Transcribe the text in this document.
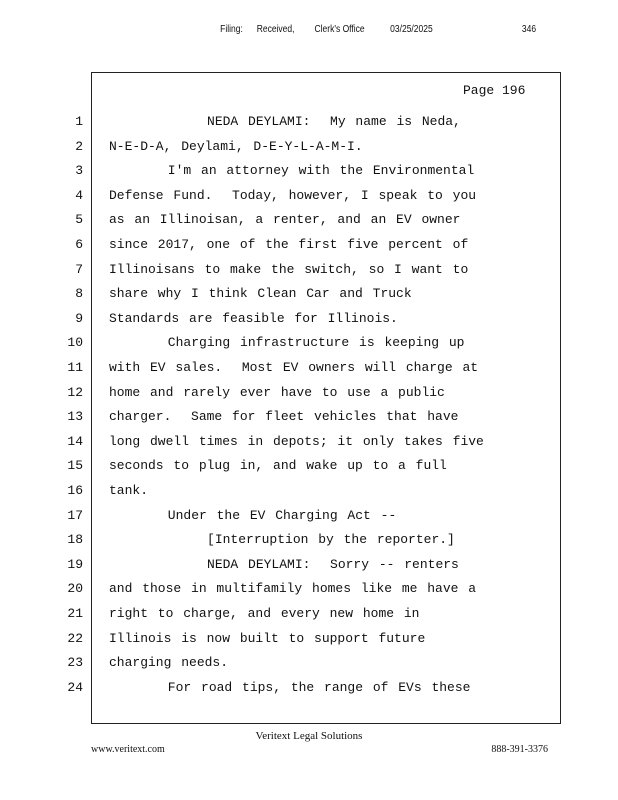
Filing: Received, Clerk's Office	03/25/2025	346
Page 196
1 NEDA DEYLAMI:  My name is Neda,
2 N-E-D-A, Deylami, D-E-Y-L-A-M-I.
3 I'm an attorney with the Environmental
4 Defense Fund.  Today, however, I speak to you
5 as an Illinoisan, a renter, and an EV owner
6 since 2017, one of the first five percent of
7 Illinoisans to make the switch, so I want to
8 share why I think Clean Car and Truck
9 Standards are feasible for Illinois.
10 Charging infrastructure is keeping up
11 with EV sales.  Most EV owners will charge at
12 home and rarely ever have to use a public
13 charger.  Same for fleet vehicles that have
14 long dwell times in depots; it only takes five
15 seconds to plug in, and wake up to a full
16 tank.
17 Under the EV Charging Act --
18 [Interruption by the reporter.]
19 NEDA DEYLAMI:  Sorry -- renters
20 and those in multifamily homes like me have a
21 right to charge, and every new home in
22 Illinois is now built to support future
23 charging needs.
24 For road tips, the range of EVs these
Veritext Legal Solutions
www.veritext.com	888-391-3376
